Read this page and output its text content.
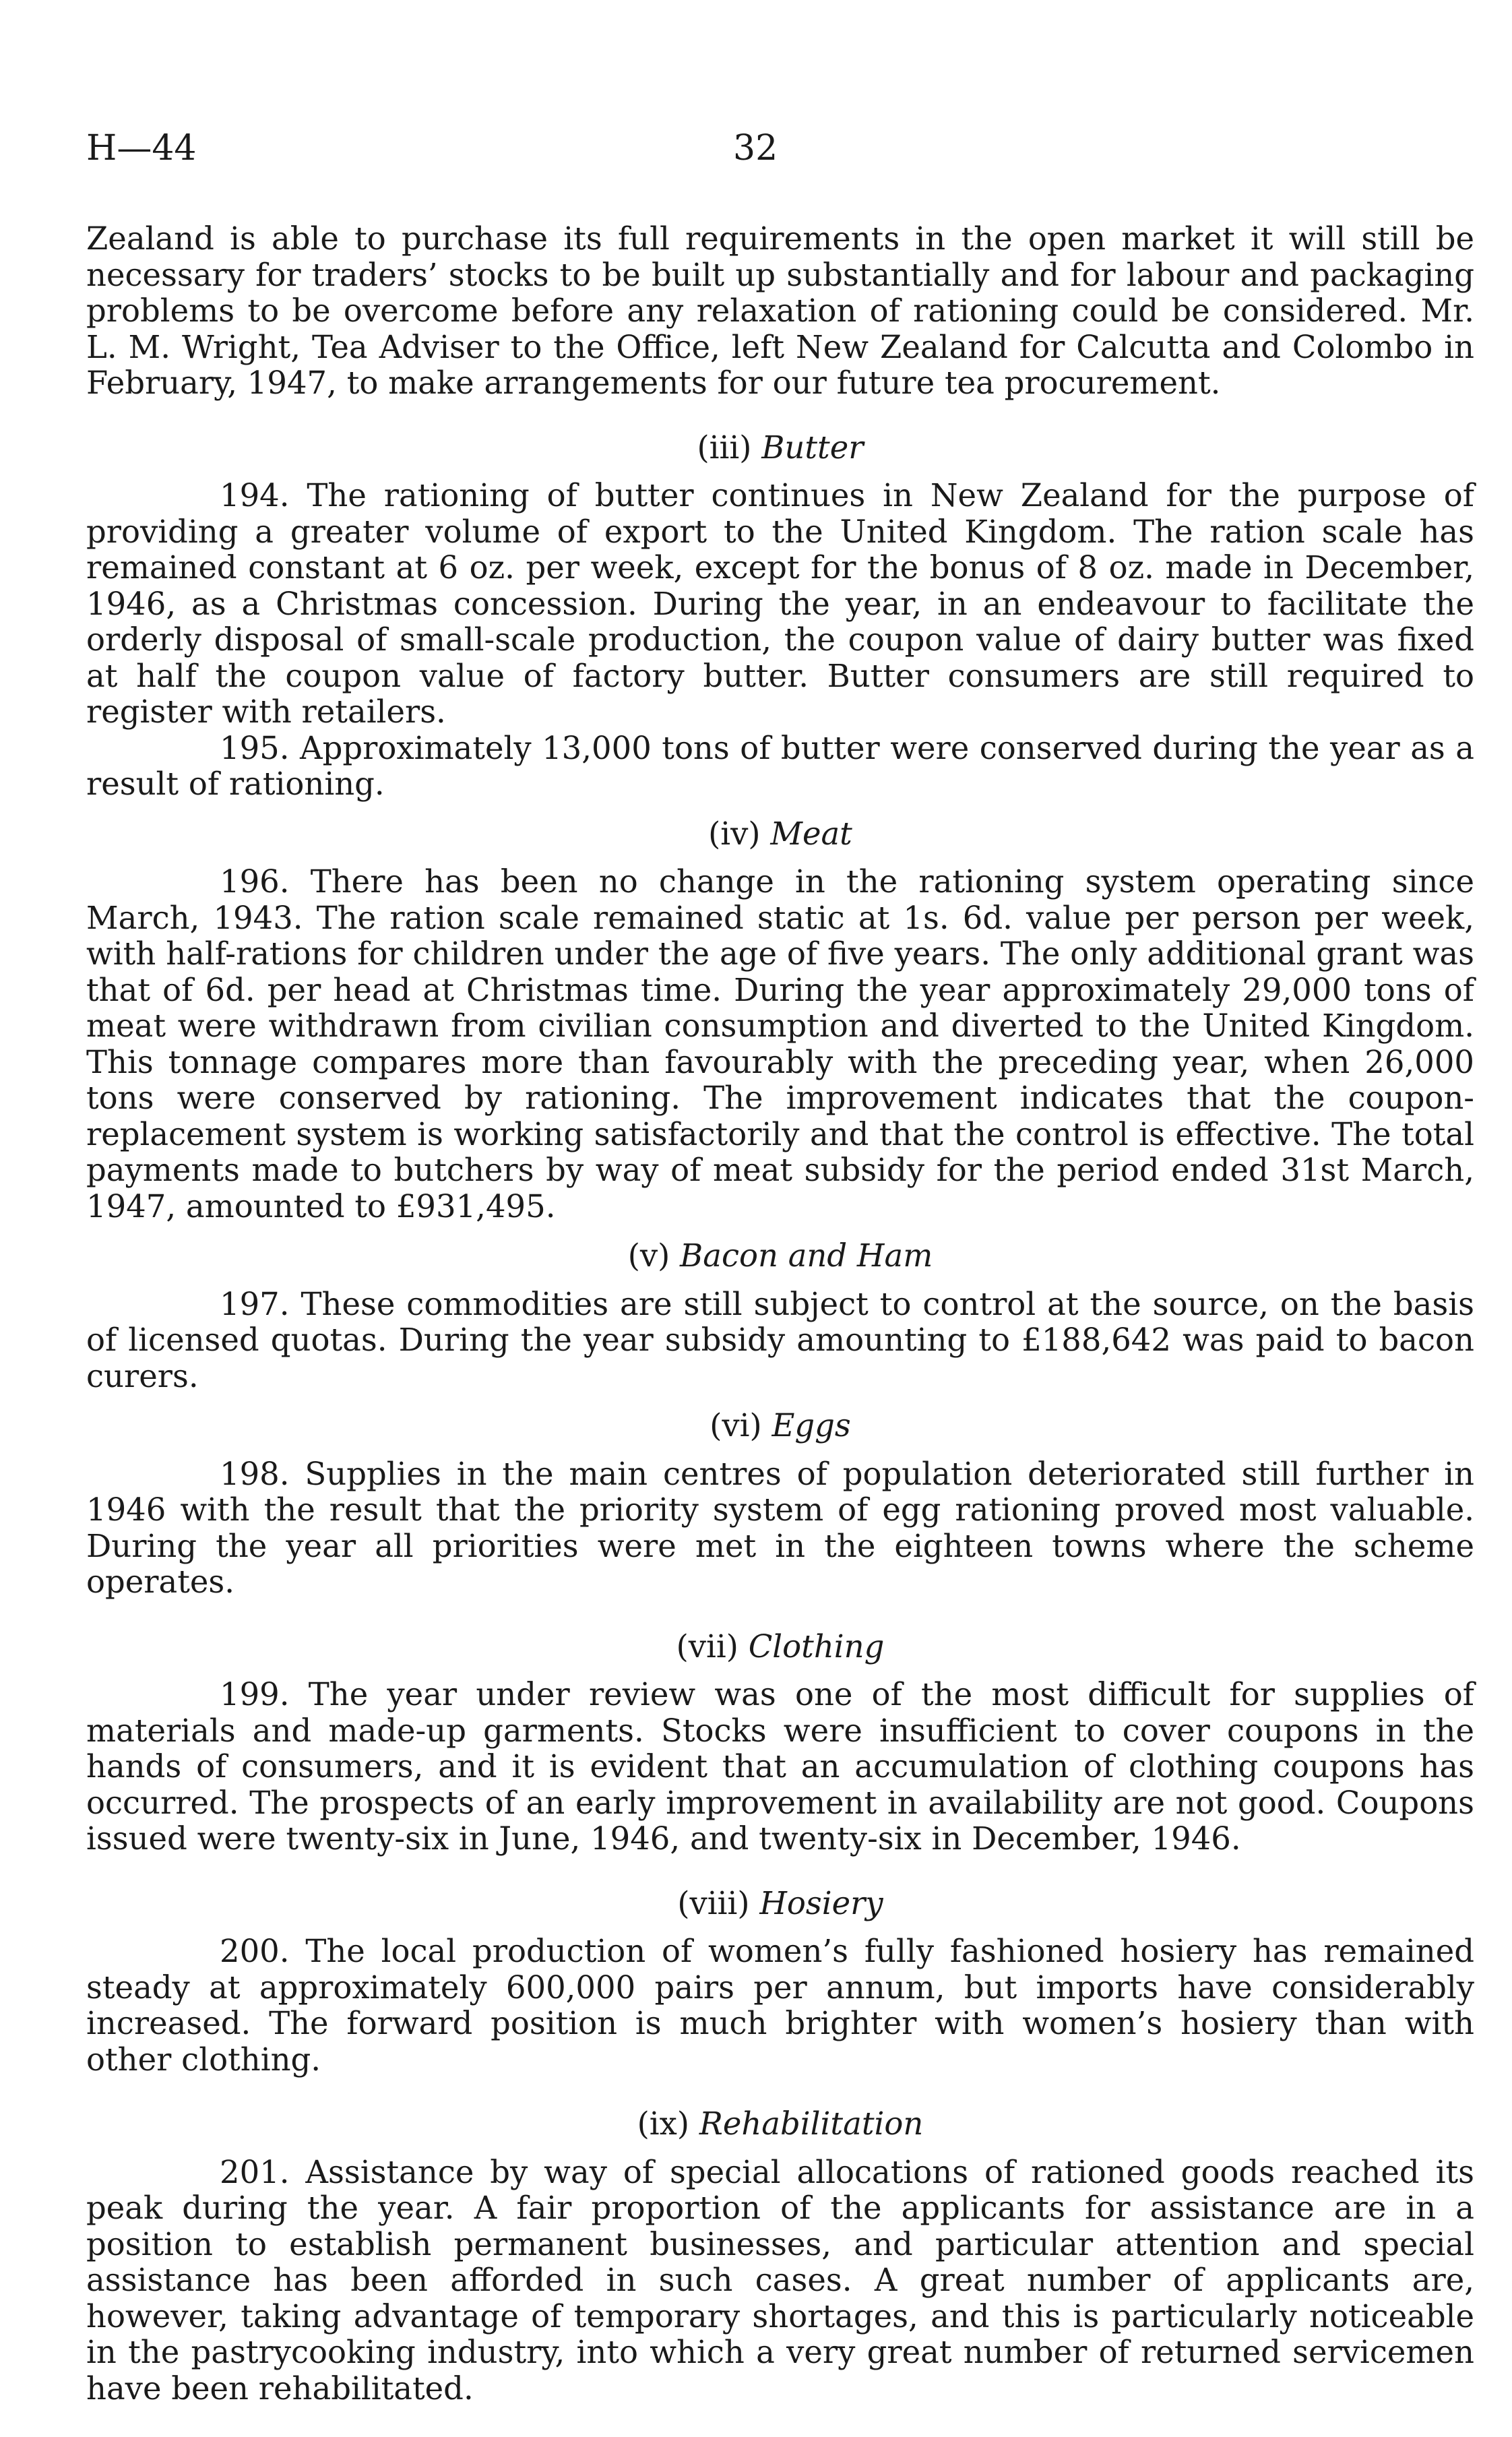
H—44	32

Zealand is able to purchase its full requirements in the open market it will still be necessary for traders’ stocks to be built up substantially and for labour and packaging problems to be overcome before any relaxation of rationing could be considered. Mr. L. M. Wright, Tea Adviser to the Office, left New Zealand for Calcutta and Colombo in February, 1947, to make arrangements for our future tea procurement.

(iii) Butter

194. The rationing of butter continues in New Zealand for the purpose of providing a greater volume of export to the United Kingdom. The ration scale has remained constant at 6 oz. per week, except for the bonus of 8 oz. made in December, 1946, as a Christmas concession. During the year, in an endeavour to facilitate the orderly disposal of small-scale production, the coupon value of dairy butter was fixed at half the coupon value of factory butter. Butter consumers are still required to register with retailers.

195. Approximately 13,000 tons of butter were conserved during the year as a result of rationing.

(iv) Meat

196. There has been no change in the rationing system operating since March, 1943. The ration scale remained static at 1s. 6d. value per person per week, with half-rations for children under the age of five years. The only additional grant was that of 6d. per head at Christmas time. During the year approximately 29,000 tons of meat were withdrawn from civilian consumption and diverted to the United Kingdom. This tonnage compares more than favourably with the preceding year, when 26,000 tons were conserved by rationing. The improvement indicates that the coupon-replacement system is working satisfactorily and that the control is effective. The total payments made to butchers by way of meat subsidy for the period ended 31st March, 1947, amounted to £931,495.

(v) Bacon and Ham

197. These commodities are still subject to control at the source, on the basis of licensed quotas. During the year subsidy amounting to £188,642 was paid to bacon curers.

(vi) Eggs

198. Supplies in the main centres of population deteriorated still further in 1946 with the result that the priority system of egg rationing proved most valuable. During the year all priorities were met in the eighteen towns where the scheme operates.

(vii) Clothing

199. The year under review was one of the most difficult for supplies of materials and made-up garments. Stocks were insufficient to cover coupons in the hands of consumers, and it is evident that an accumulation of clothing coupons has occurred. The prospects of an early improvement in availability are not good. Coupons issued were twenty-six in June, 1946, and twenty-six in December, 1946.

(viii) Hosiery

200. The local production of women’s fully fashioned hosiery has remained steady at approximately 600,000 pairs per annum, but imports have considerably increased. The forward position is much brighter with women’s hosiery than with other clothing.

(ix) Rehabilitation

201. Assistance by way of special allocations of rationed goods reached its peak during the year. A fair proportion of the applicants for assistance are in a position to establish permanent businesses, and particular attention and special assistance has been afforded in such cases. A great number of applicants are, however, taking advantage of temporary shortages, and this is particularly noticeable in the pastrycooking industry, into which a very great number of returned servicemen have been rehabilitated.
